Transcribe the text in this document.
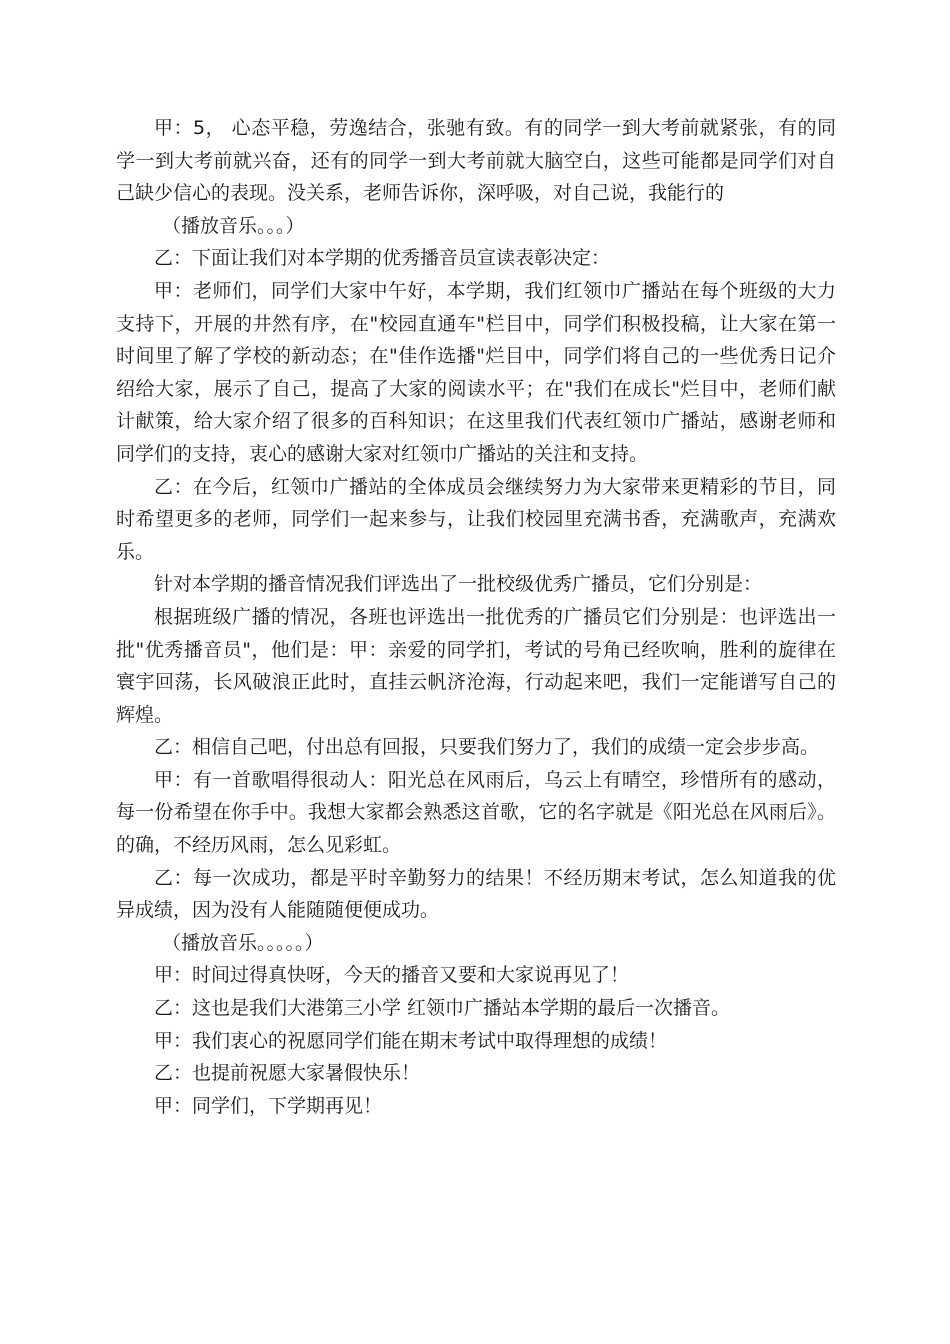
甲：5， 心态平稳，劳逸结合，张驰有致。有的同学一到大考前就紧张，有的同学一到大考前就兴奋，还有的同学一到大考前就大脑空白，这些可能都是同学们对自己缺少信心的表现。没关系，老师告诉你，深呼吸，对自己说，我能行的

（播放音乐。。。）

乙：下面让我们对本学期的优秀播音员宣读表彰决定：

甲：老师们，同学们大家中午好，本学期，我们红领巾广播站在每个班级的大力支持下，开展的井然有序，在"校园直通车"栏目中，同学们积极投稿，让大家在第一时间里了解了学校的新动态；在"佳作选播"烂目中，同学们将自己的一些优秀日记介绍给大家，展示了自己，提高了大家的阅读水平；在"我们在成长"烂目中，老师们献计献策，给大家介绍了很多的百科知识；在这里我们代表红领巾广播站，感谢老师和同学们的支持，衷心的感谢大家对红领巾广播站的关注和支持。

乙：在今后，红领巾广播站的全体成员会继续努力为大家带来更精彩的节目，同时希望更多的老师，同学们一起来参与，让我们校园里充满书香，充满歌声，充满欢乐。

针对本学期的播音情况我们评选出了一批校级优秀广播员，它们分别是：

根据班级广播的情况，各班也评选出一批优秀的广播员它们分别是：也评选出一批"优秀播音员"，他们是：甲：亲爱的同学扪，考试的号角已经吹响，胜利的旋律在寰宇回荡，长风破浪正此时，直挂云帆济沧海，行动起来吧，我们一定能谱写自己的辉煌。

乙：相信自己吧，付出总有回报，只要我们努力了，我们的成绩一定会步步高。

甲：有一首歌唱得很动人：阳光总在风雨后，乌云上有晴空，珍惜所有的感动，每一份希望在你手中。我想大家都会熟悉这首歌，它的名字就是《阳光总在风雨后》。的确，不经历风雨，怎么见彩虹。

乙：每一次成功，都是平时辛勤努力的结果！不经历期末考试，怎么知道我的优异成绩，因为没有人能随随便便成功。

（播放音乐。。。。。）

甲：时间过得真快呀，今天的播音又要和大家说再见了！

乙：这也是我们大港第三小学 红领巾广播站本学期的最后一次播音。

甲：我们衷心的祝愿同学们能在期末考试中取得理想的成绩！

乙：也提前祝愿大家暑假快乐！

甲：同学们，下学期再见！
